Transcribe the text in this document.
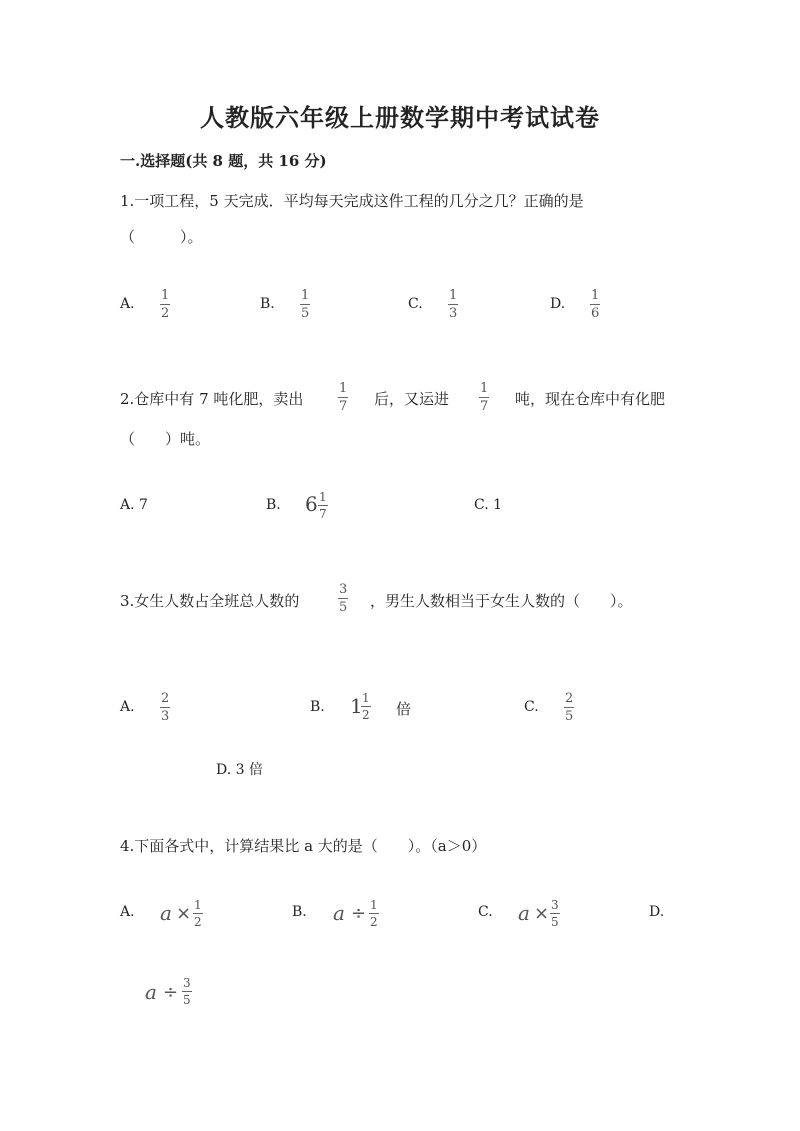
人教版六年级上册数学期中考试试卷
一.选择题(共 8 题，共 16 分)
1.一项工程，5 天完成．平均每天完成这件工程的几分之几？正确的是
（　　　）。
A.
1
2
B.
1
5
C.
1
3
D.
1
6
2.仓库中有 7 吨化肥，卖出
1
7 后，又运进
1
7 吨，现在仓库中有化肥
（　　）吨。
A. 7	B. 6 1
7
C. 1
3.女生人数占全班总人数的
3
5 ，男生人数相当于女生人数的（　　）。
A.
2
3
B. 1 1
2 倍	C.
2
5
D. 3 倍
4.下面各式中，计算结果比 a 大的是（　　）。（a＞0）
A. a × 1
2
B. a ÷ 1
2
C. a × 3
5
D.
a ÷ 3
5
